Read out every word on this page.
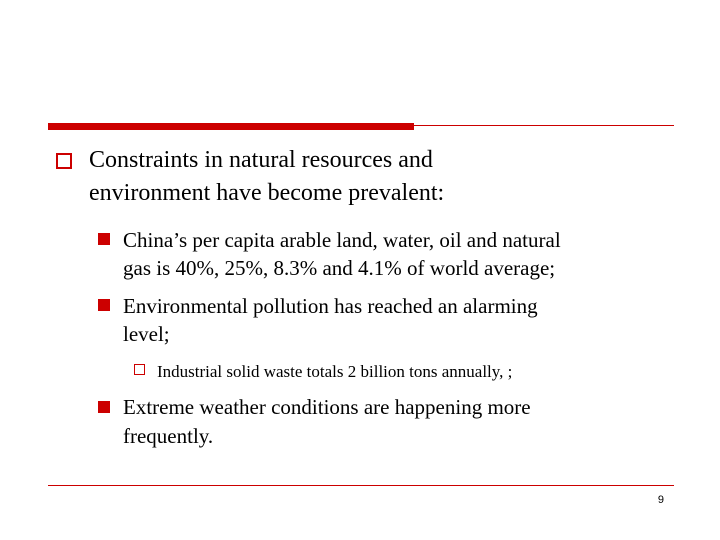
Constraints in natural resources and
environment have become prevalent:
China’s per capita arable land, water, oil and natural
gas is 40%, 25%, 8.3% and 4.1% of world average;
Environmental pollution has reached an alarming
level;
Industrial solid waste totals 2 billion tons annually, ;
Extreme weather conditions are happening more
frequently.
9
